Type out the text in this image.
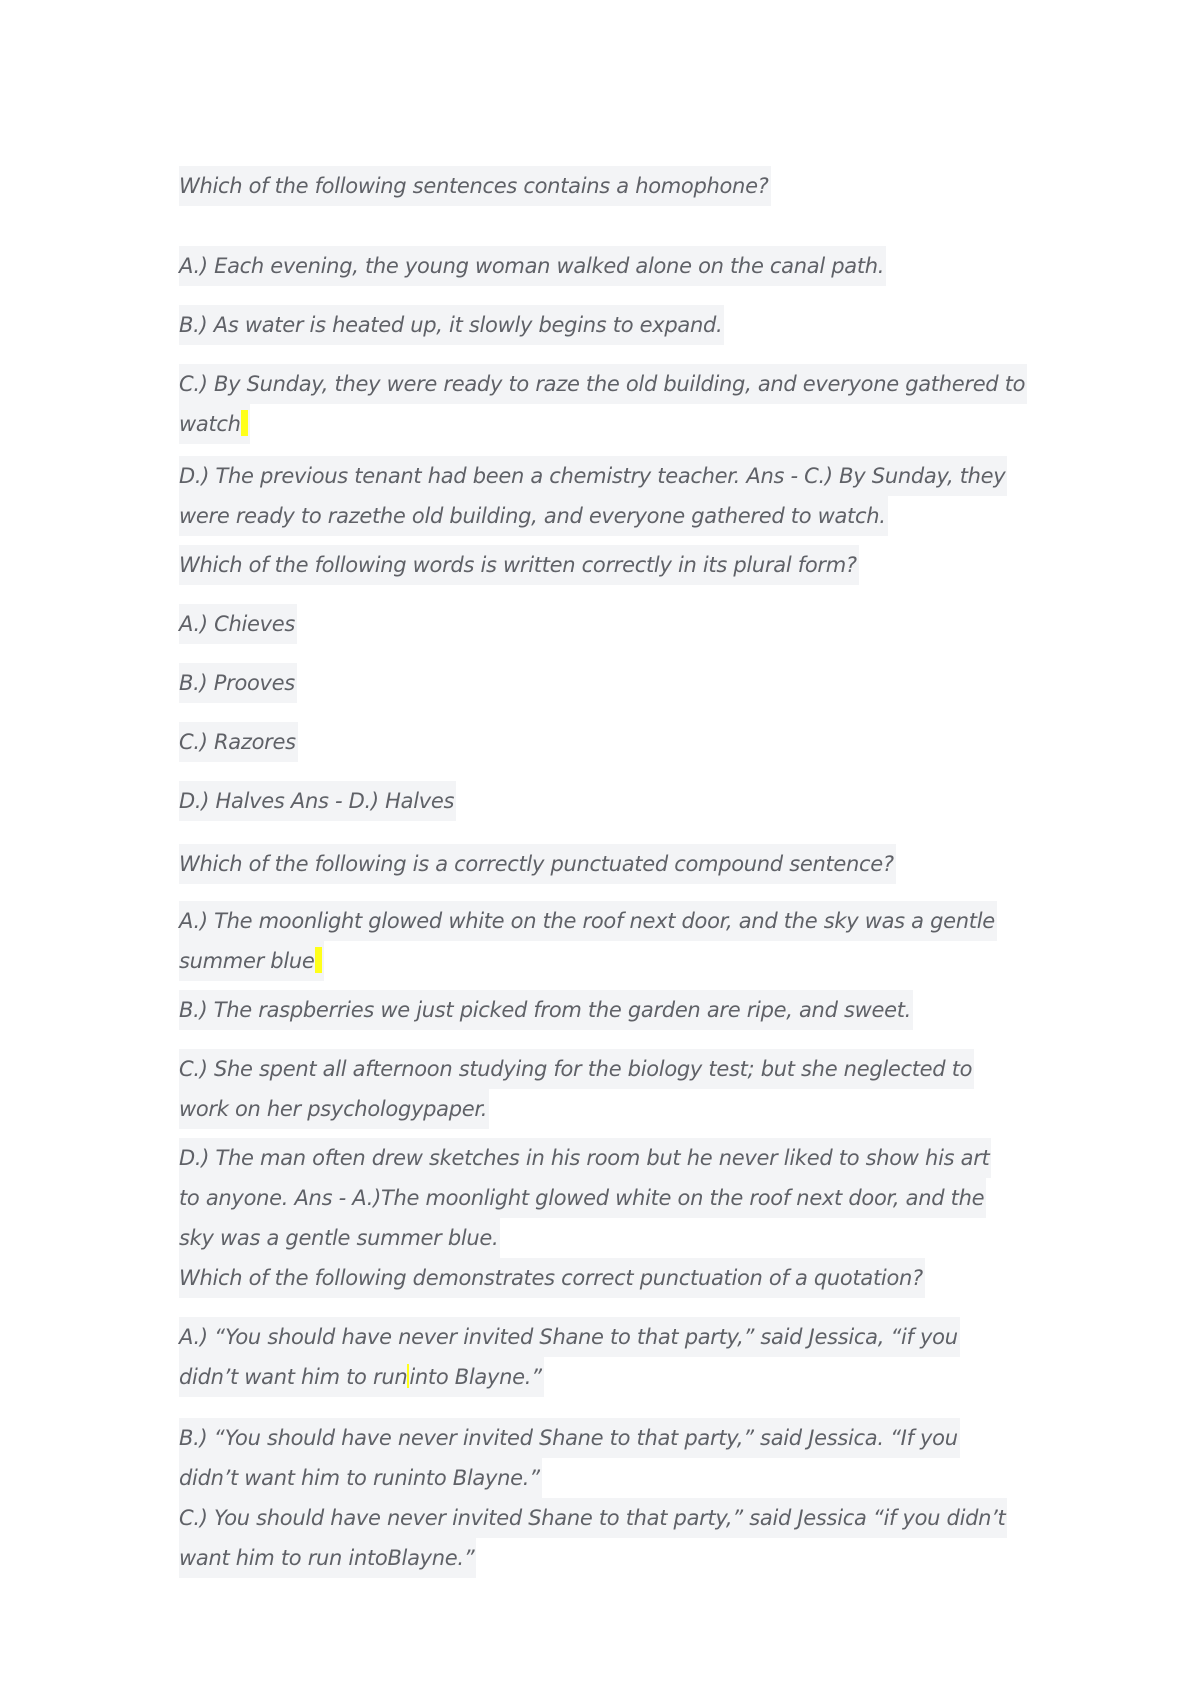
Which of the following sentences contains a homophone?
A.) Each evening, the young woman walked alone on the canal path.
B.) As water is heated up, it slowly begins to expand.
C.) By Sunday, they were ready to raze the old building, and everyone gathered to
watch
D.) The previous tenant had been a chemistry teacher. Ans - C.) By Sunday, they
were ready to razethe old building, and everyone gathered to watch.
Which of the following words is written correctly in its plural form?
A.) Chieves
B.) Prooves
C.) Razores
D.) Halves Ans - D.) Halves
Which of the following is a correctly punctuated compound sentence?
A.) The moonlight glowed white on the roof next door, and the sky was a gentle
summer blue
B.) The raspberries we just picked from the garden are ripe, and sweet.
C.) She spent all afternoon studying for the biology test; but she neglected to
work on her psychologypaper.
D.) The man often drew sketches in his room but he never liked to show his art
to anyone. Ans - A.)The moonlight glowed white on the roof next door, and the
sky was a gentle summer blue.
Which of the following demonstrates correct punctuation of a quotation?
A.) “You should have never invited Shane to that party,” said Jessica, “if you
didn’t want him to runinto Blayne.”
B.) “You should have never invited Shane to that party,” said Jessica. “If you
didn’t want him to runinto Blayne.”
C.) You should have never invited Shane to that party,” said Jessica “if you didn’t
want him to run intoBlayne.”
